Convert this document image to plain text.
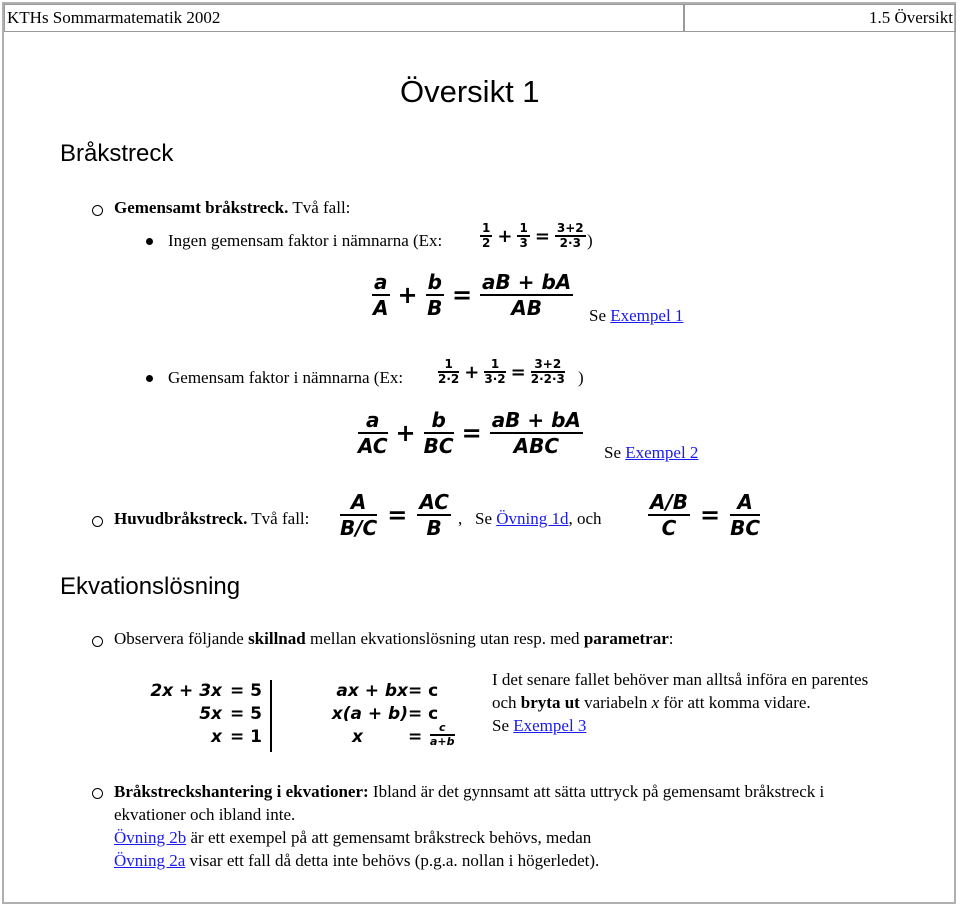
KTHs Sommarmatematik 2002	1.5 Översikt
Översikt 1
Bråkstreck
Gemensamt bråkstreck. Två fall:
Ingen gemensam faktor i nämnarna (Ex:	$\frac{1}{2} + \frac{1}{3} = \frac{3+2}{2\cdot 3}$ )
$\frac{a}{A} + \frac{b}{B} = \frac{aB + bA}{AB}$ Se Exempel 1
Gemensam faktor i nämnarna (Ex:	$\frac{1}{2\cdot 2} + \frac{1}{3\cdot 2} = \frac{3+2}{2\cdot 2\cdot 3}$ )
$\frac{a}{AC} + \frac{b}{BC} = \frac{aB + bA}{\text{ABC}}$ Se Exempel 2
Huvudbråkstreck. Två fall: $\frac{A}{B/C} = \frac{AC}{B}$ , Se Övning 1d, och $\frac{A/B}{C} = \frac{A}{BC}$
Ekvationslösning
Observera följande skillnad mellan ekvationslösning utan resp. med parametrar:
2x + 3x = 5
5x = 5
x = 1
ax + bx = c
x(a + b) = c
x	= $\frac{c}{a+b}$
I det senare fallet behöver man alltså införa en parentes och bryta ut variabeln x för att komma vidare.
Se Exempel 3
Bråkstreckshantering i ekvationer: Ibland är det gynnsamt att sätta uttryck på gemensamt bråkstreck i ekvationer och ibland inte.
Övning 2b är ett exempel på att gemensamt bråkstreck behövs, medan
Övning 2a visar ett fall då detta inte behövs (p.g.a. nollan i högerledet).
